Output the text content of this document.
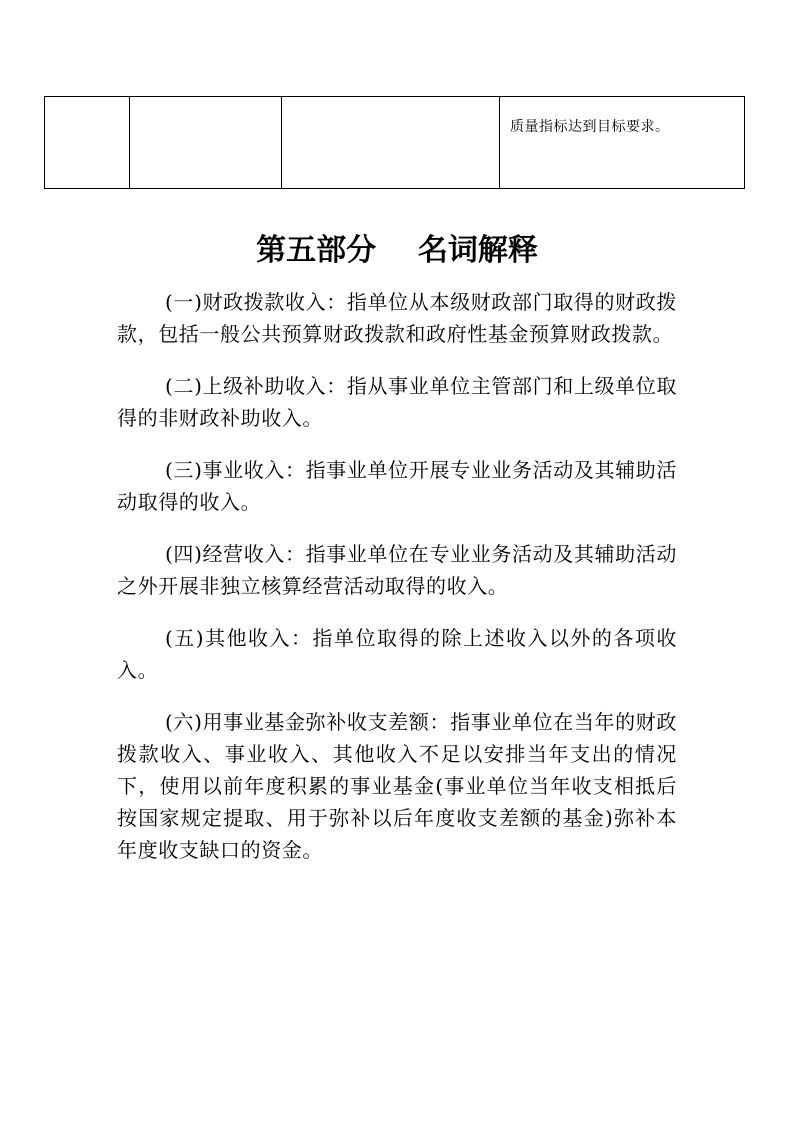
			质量指标达到目标要求。
第五部分    名词解释

(一)财政拨款收入：指单位从本级财政部门取得的财政拨款，包括一般公共预算财政拨款和政府性基金预算财政拨款。

(二)上级补助收入：指从事业单位主管部门和上级单位取得的非财政补助收入。

(三)事业收入：指事业单位开展专业业务活动及其辅助活动取得的收入。

(四)经营收入：指事业单位在专业业务活动及其辅助活动之外开展非独立核算经营活动取得的收入。

(五)其他收入：指单位取得的除上述收入以外的各项收入。

(六)用事业基金弥补收支差额：指事业单位在当年的财政拨款收入、事业收入、其他收入不足以安排当年支出的情况下，使用以前年度积累的事业基金(事业单位当年收支相抵后按国家规定提取、用于弥补以后年度收支差额的基金)弥补本年度收支缺口的资金。
